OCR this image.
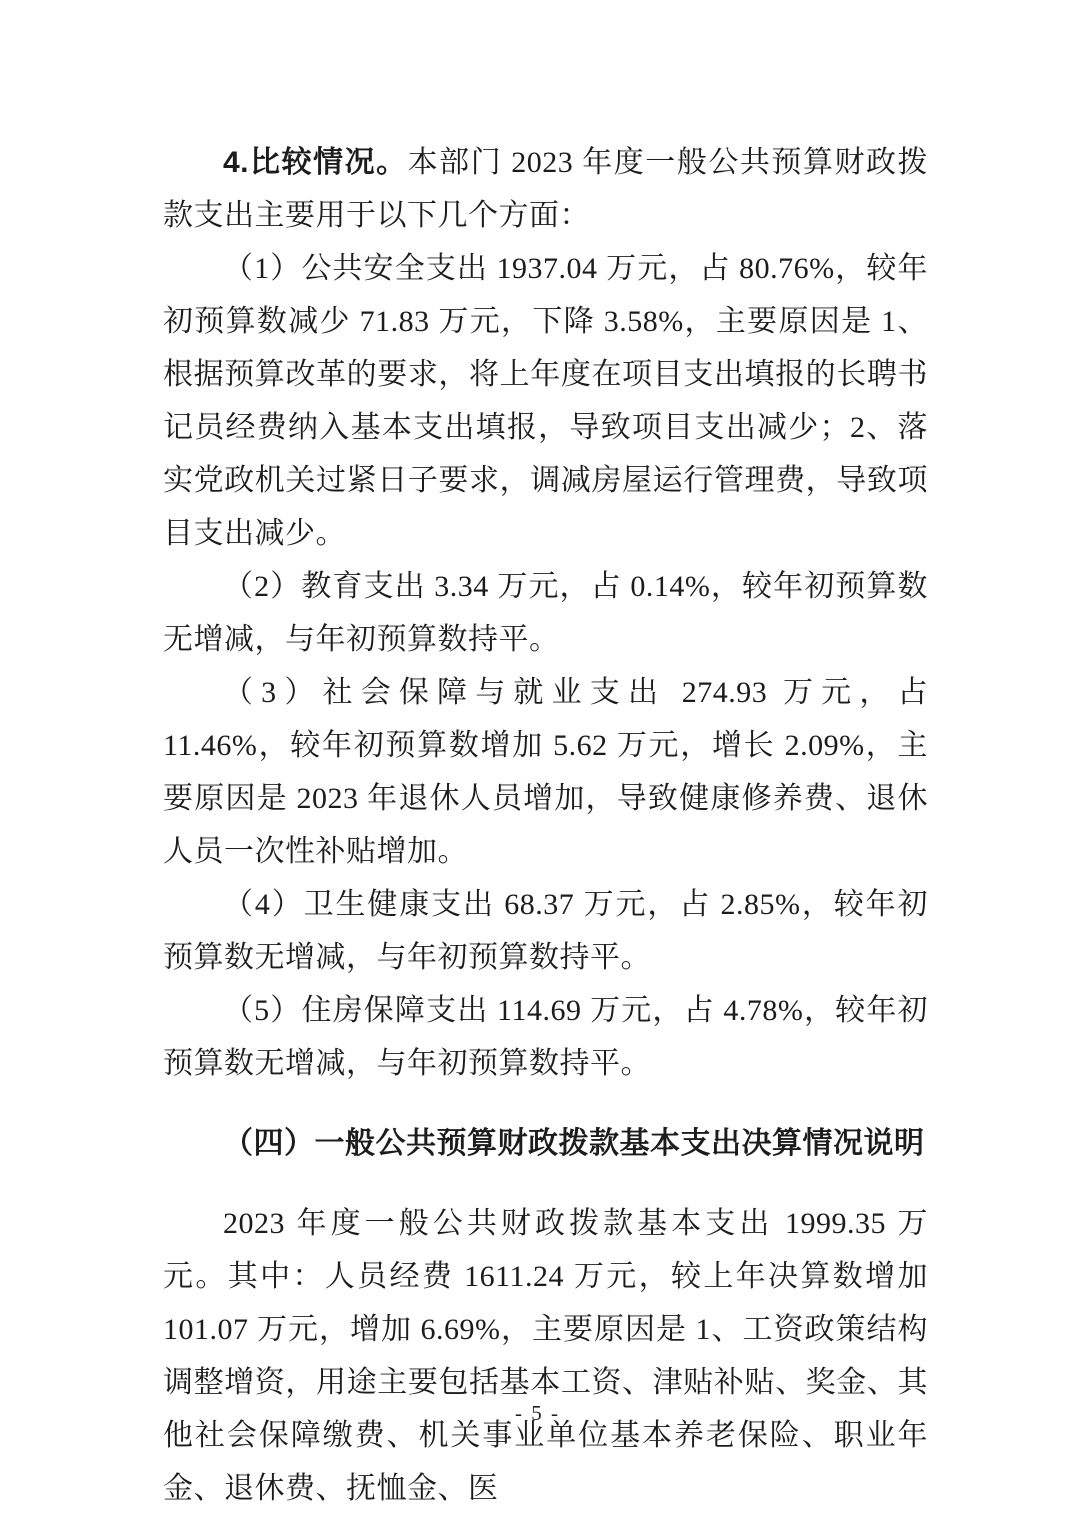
4.比较情况。本部门 2023 年度一般公共预算财政拨款支出主要用于以下几个方面：

（1）公共安全支出 1937.04 万元，占 80.76%，较年初预算数减少 71.83 万元，下降 3.58%，主要原因是 1、根据预算改革的要求，将上年度在项目支出填报的长聘书记员经费纳入基本支出填报，导致项目支出减少；2、落实党政机关过紧日子要求，调减房屋运行管理费，导致项目支出减少。

（2）教育支出 3.34 万元，占 0.14%，较年初预算数无增减，与年初预算数持平。

（3）社会保障与就业支出 274.93 万元，占 11.46%，较年初预算数增加 5.62 万元，增长 2.09%，主要原因是 2023 年退休人员增加，导致健康修养费、退休人员一次性补贴增加。

（4）卫生健康支出 68.37 万元，占 2.85%，较年初预算数无增减，与年初预算数持平。

（5）住房保障支出 114.69 万元，占 4.78%，较年初预算数无增减，与年初预算数持平。

（四）一般公共预算财政拨款基本支出决算情况说明

2023 年度一般公共财政拨款基本支出 1999.35 万元。其中：人员经费 1611.24 万元，较上年决算数增加 101.07 万元，增加 6.69%，主要原因是 1、工资政策结构调整增资，用途主要包括基本工资、津贴补贴、奖金、其他社会保障缴费、机关事业单位基本养老保险、职业年金、退休费、抚恤金、医

- 5 -
